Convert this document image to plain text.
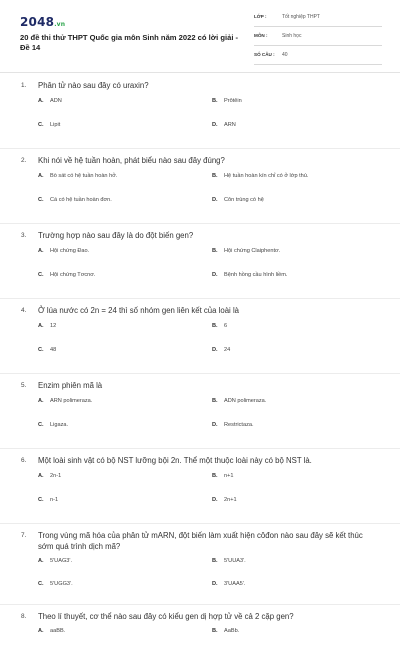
2048.vn
20 đề thi thử THPT Quốc gia môn Sinh năm 2022 có lời giải - Đề 14
LỚP :	Tốt nghiệp THPT
MÔN :	Sinh học
SỐ CÂU : 40
1.	Phân tử nào sau đây có uraxin?
A. ADN	B. Prôtêin
C. Lipit	D. ARN
2.	Khi nói về hệ tuần hoàn, phát biểu nào sau đây đúng?
A. Bò sát có hệ tuần hoàn hở.	B. Hệ tuần hoàn kín chỉ có ở lớp thú.
C. Cá có hệ tuần hoàn đơn.	D. Côn trùng có hệ
3.	Trường hợp nào sau đây là do đột biến gen?
A. Hội chứng Đao.	B. Hội chứng Claiphentơ.
C. Hội chứng Tơcnơ.	D. Bệnh hồng cầu hình liềm.
4.	Ở lúa nước có 2n = 24 thì số nhóm gen liên kết của loài là
A. 12	B. 6
C. 48	D. 24
5.	Enzim phiên mã là
A. ARN polimeraza.	B. ADN polimeraza.
C. Ligaza.	D. Restrictaza.
6.	Một loài sinh vật có bộ NST lưỡng bội 2n. Thể một thuộc loài này có bộ NST là.
A. 2n-1	B. n+1
C. n-1	D. 2n+1
7.	Trong vùng mã hóa của phân tử mARN, đột biến làm xuất hiện côđon nào sau đây sẽ kết thúc sớm quá trình dịch mã?
A. 5'UAG3'.	B. 5'UUA3'.
C. 5'UGG3'.	D. 3'UAA5'.
8.	Theo lí thuyết, cơ thể nào sau đây có kiểu gen dị hợp tử về cả 2 cặp gen?
A. aaBB.	B. AaBb.
